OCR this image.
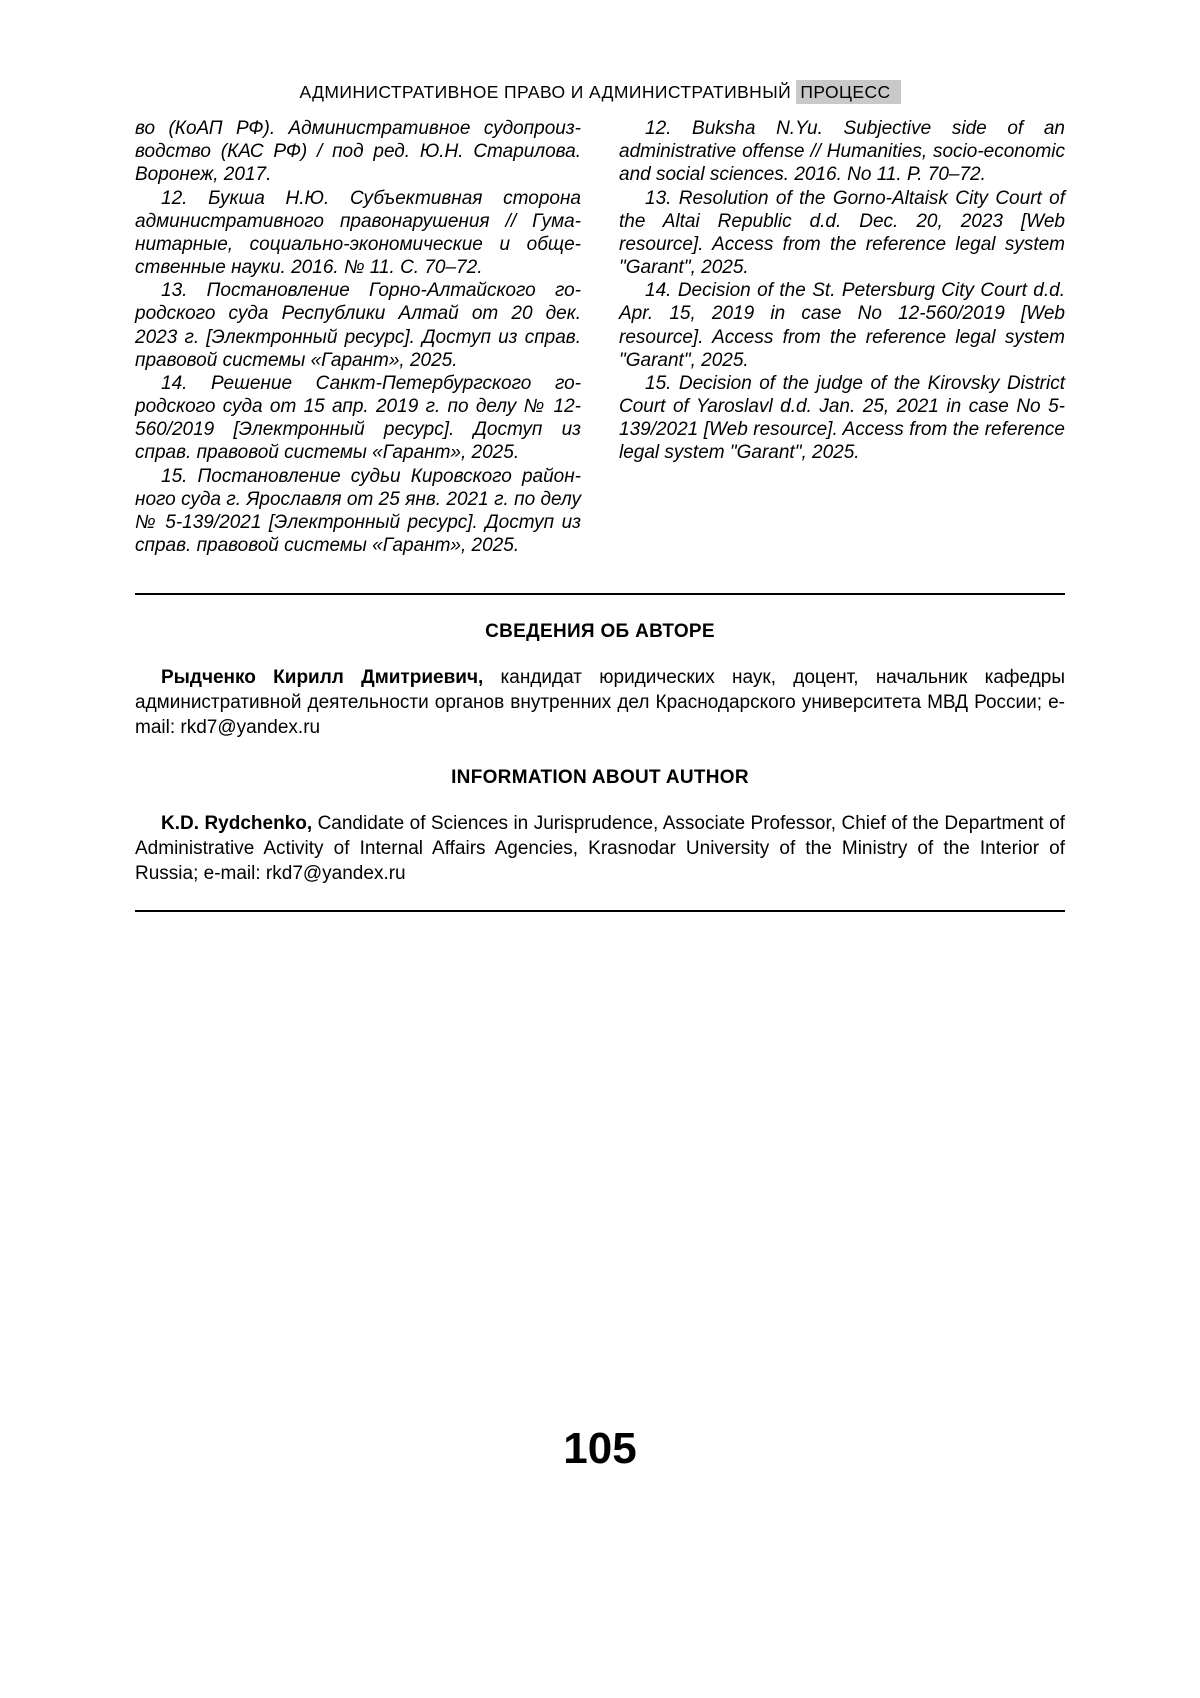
АДМИНИСТРАТИВНОЕ ПРАВО И АДМИНИСТРАТИВНЫЙ ПРОЦЕСС

во (КоАП РФ). Административное судопроиз-водство (КАС РФ) / под ред. Ю.Н. Старилова. Воронеж, 2017.

12. Букша Н.Ю. Субъективная сторона административного правонарушения // Гума-нитарные, социально-экономические и обще-ственные науки. 2016. № 11. С. 70–72.

13. Постановление Горно-Алтайского го-родского суда Республики Алтай от 20 дек. 2023 г. [Электронный ресурс]. Доступ из справ. правовой системы «Гарант», 2025.

14. Решение Санкт-Петербургского го-родского суда от 15 апр. 2019 г. по делу № 12-560/2019 [Электронный ресурс]. Доступ из справ. правовой системы «Гарант», 2025.

15. Постановление судьи Кировского район-ного суда г. Ярославля от 25 янв. 2021 г. по делу № 5-139/2021 [Электронный ресурс]. Доступ из справ. правовой системы «Гарант», 2025.

12. Buksha N.Yu. Subjective side of an administrative offense // Humanities, socio-economic and social sciences. 2016. No 11. P. 70–72.

13. Resolution of the Gorno-Altaisk City Court of the Altai Republic d.d. Dec. 20, 2023 [Web resource]. Access from the reference legal system "Garant", 2025.

14. Decision of the St. Petersburg City Court d.d. Apr. 15, 2019 in case No 12-560/2019 [Web resource]. Access from the reference legal system "Garant", 2025.

15. Decision of the judge of the Kirovsky District Court of Yaroslavl d.d. Jan. 25, 2021 in case No 5-139/2021 [Web resource]. Access from the reference legal system "Garant", 2025.

СВЕДЕНИЯ ОБ АВТОРЕ

Рыдченко Кирилл Дмитриевич, кандидат юридических наук, доцент, начальник кафедры административной деятельности органов внутренних дел Краснодарского университета МВД России; e-mail: rkd7@yandex.ru

INFORMATION ABOUT AUTHOR

K.D. Rydchenko, Candidate of Sciences in Jurisprudence, Associate Professor, Chief of the Department of Administrative Activity of Internal Affairs Agencies, Krasnodar University of the Ministry of the Interior of Russia; e-mail: rkd7@yandex.ru

105
